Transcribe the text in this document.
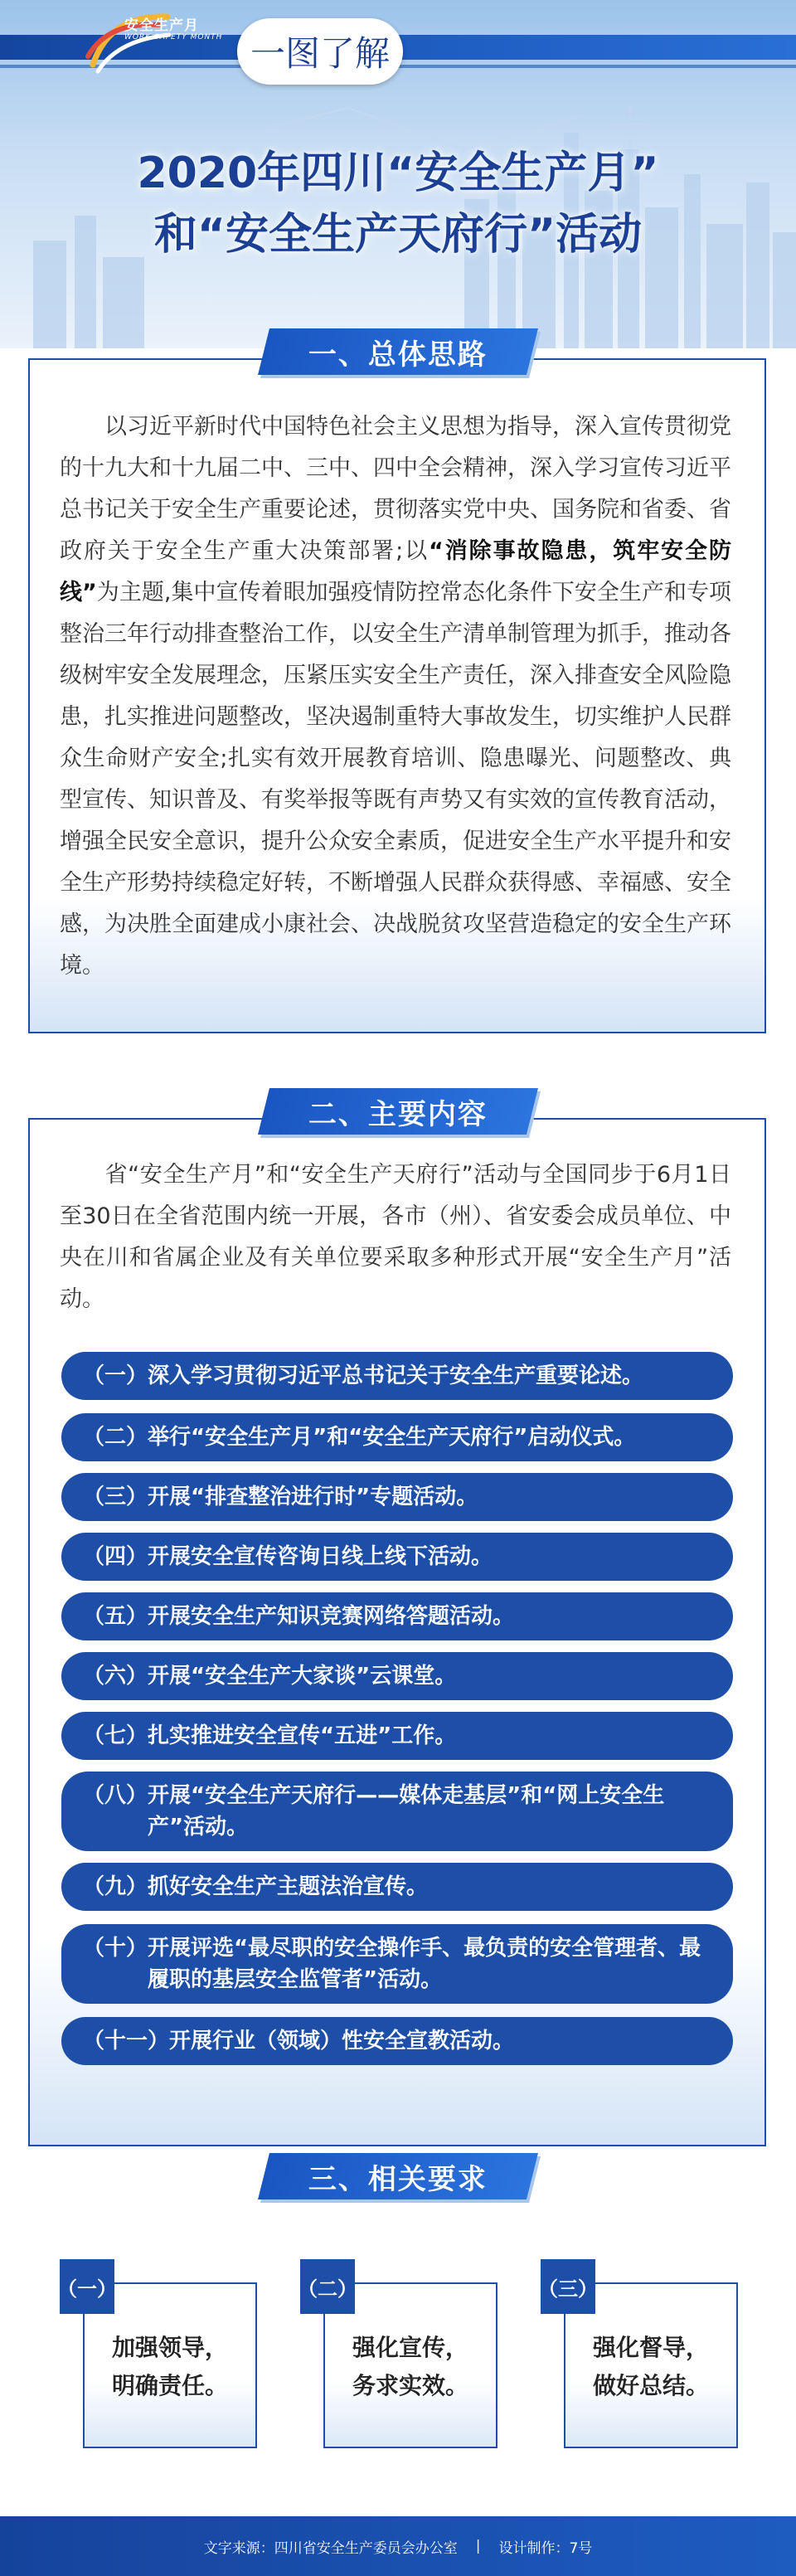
安全生产月
WORK SAFETY MONTH 一图了解
2020年四川“安全生产月”
和“安全生产天府行”活动
一、总体思路
以习近平新时代中国特色社会主义思想为指导，深入宣传贯彻党的十九大和十九届二中、三中、四中全会精神，深入学习宣传习近平总书记关于安全生产重要论述，贯彻落实党中央、国务院和省委、省政府关于安全生产重大决策部署;以“消除事故隐患，筑牢安全防线”为主题,集中宣传着眼加强疫情防控常态化条件下安全生产和专项整治三年行动排查整治工作，以安全生产清单制管理为抓手，推动各级树牢安全发展理念，压紧压实安全生产责任，深入排查安全风险隐患，扎实推进问题整改，坚决遏制重特大事故发生，切实维护人民群众生命财产安全;扎实有效开展教育培训、隐患曝光、问题整改、典型宣传、知识普及、有奖举报等既有声势又有实效的宣传教育活动，增强全民安全意识，提升公众安全素质，促进安全生产水平提升和安全生产形势持续稳定好转，不断增强人民群众获得感、幸福感、安全感，为决胜全面建成小康社会、决战脱贫攻坚营造稳定的安全生产环境。
二、主要内容
省“安全生产月”和“安全生产天府行”活动与全国同步于6月1日至30日在全省范围内统一开展，各市（州）、省安委会成员单位、中央在川和省属企业及有关单位要采取多种形式开展“安全生产月”活动。
（一） 深入学习贯彻习近平总书记关于安全生产重要论述。
（二） 举行“安全生产月”和“安全生产天府行”启动仪式。
（三） 开展“排查整治进行时”专题活动。
（四） 开展安全宣传咨询日线上线下活动。
（五） 开展安全生产知识竞赛网络答题活动。
（六） 开展“安全生产大家谈”云课堂。
（七） 扎实推进安全宣传“五进”工作。
（八） 开展“安全生产天府行——媒体走基层”和“网上安全生产”活动。
（九） 抓好安全生产主题法治宣传。
（十） 开展评选“最尽职的安全操作手、最负责的安全管理者、最履职的基层安全监管者”活动。
（十一） 开展行业（领域）性安全宣教活动。
三、相关要求
（一）	（二）	（三）
加强领导，
明确责任。
强化宣传，
务求实效。
强化督导，
做好总结。
文字来源：四川省安全生产委员会办公室 | 设计制作：7号
